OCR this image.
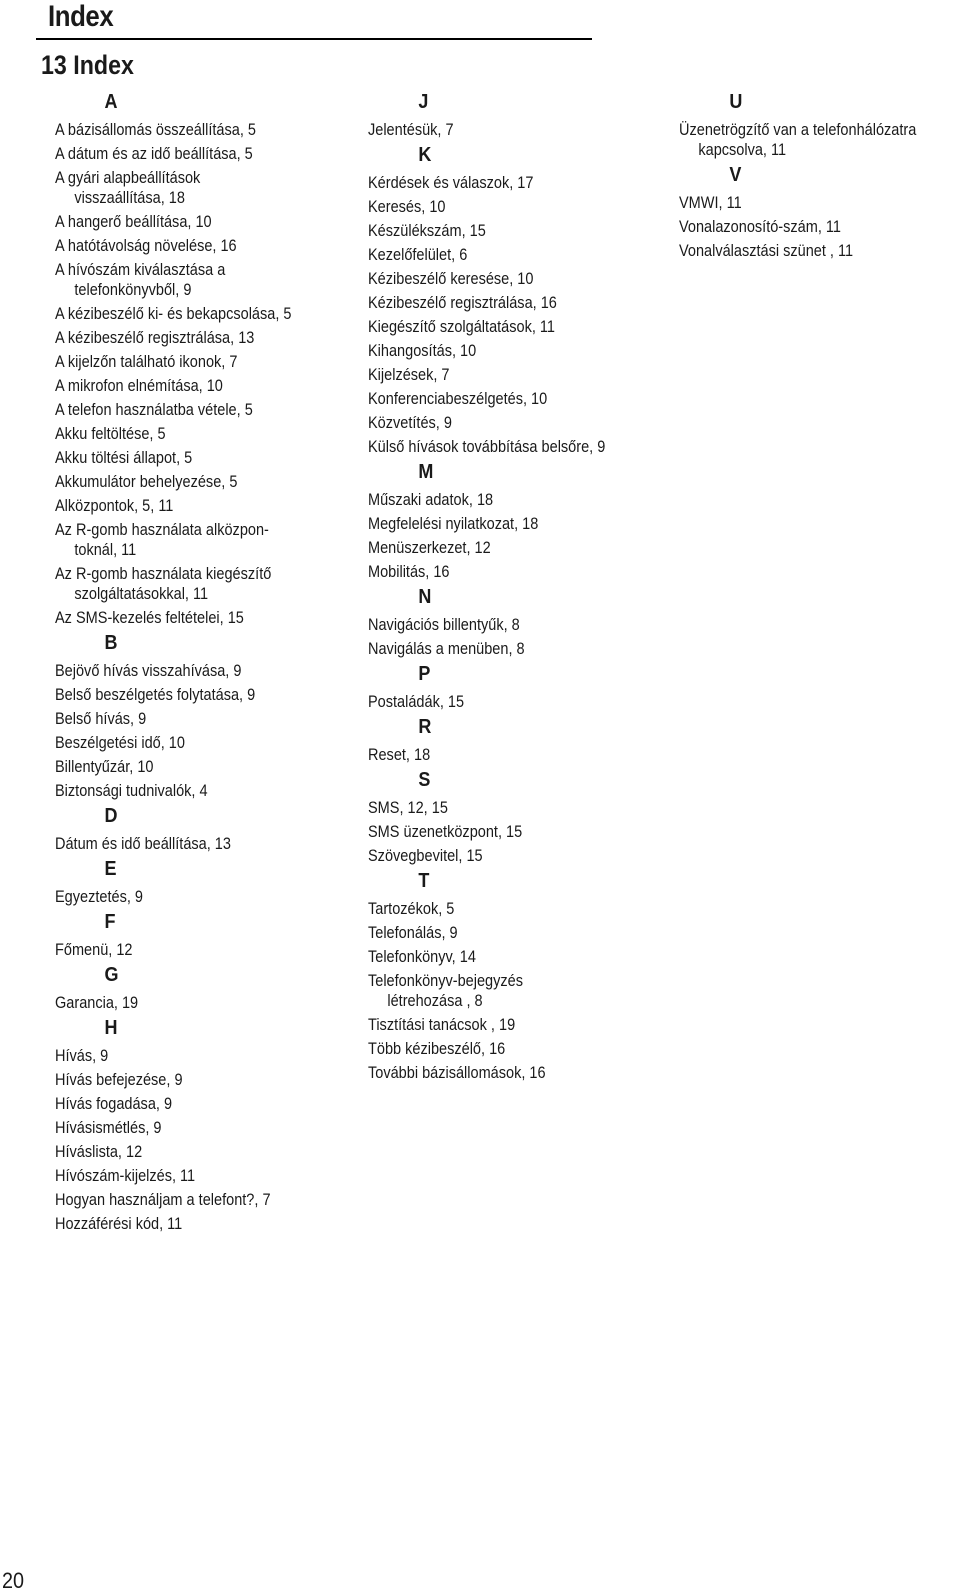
Index
13 Index
A
A bázisállomás összeállítása, 5
A dátum és az idő beállítása, 5
A gyári alapbeállítások
visszaállítása, 18
A hangerő beállítása, 10
A hatótávolság növelése, 16
A hívószám kiválasztása a
telefonkönyvből, 9
A kézibeszélő ki- és bekapcsolása, 5
A kézibeszélő regisztrálása, 13
A kijelzőn található ikonok, 7
A mikrofon elnémítása, 10
A telefon használatba vétele, 5
Akku feltöltése, 5
Akku töltési állapot, 5
Akkumulátor behelyezése, 5
Alközpontok, 5, 11
Az R-gomb használata alközpon-
toknál, 11
Az R-gomb használata kiegészítő
szolgáltatásokkal, 11
Az SMS-kezelés feltételei, 15
B
Bejövő hívás visszahívása, 9
Belső beszélgetés folytatása, 9
Belső hívás, 9
Beszélgetési idő, 10
Billentyűzár, 10
Biztonsági tudnivalók, 4
D
Dátum és idő beállítása, 13
E
Egyeztetés, 9
F
Főmenü, 12
G
Garancia, 19
H
Hívás, 9
Hívás befejezése, 9
Hívás fogadása, 9
Hívásismétlés, 9
Híváslista, 12
Hívószám-kijelzés, 11
Hogyan használjam a telefont?, 7
Hozzáférési kód, 11
J
Jelentésük, 7
K
Kérdések és válaszok, 17
Keresés, 10
Készülékszám, 15
Kezelőfelület, 6
Kézibeszélő keresése, 10
Kézibeszélő regisztrálása, 16
Kiegészítő szolgáltatások, 11
Kihangosítás, 10
Kijelzések, 7
Konferenciabeszélgetés, 10
Közvetítés, 9
Külső hívások továbbítása belsőre, 9
M
Műszaki adatok, 18
Megfelelési nyilatkozat, 18
Menüszerkezet, 12
Mobilitás, 16
N
Navigációs billentyűk, 8
Navigálás a menüben, 8
P
Postaládák, 15
R
Reset, 18
S
SMS, 12, 15
SMS üzenetközpont, 15
Szövegbevitel, 15
T
Tartozékok, 5
Telefonálás, 9
Telefonkönyv, 14
Telefonkönyv-bejegyzés
létrehozása , 8
Tisztítási tanácsok , 19
Több kézibeszélő, 16
További bázisállomások, 16
U
Üzenetrögzítő van a telefonhálózatra
kapcsolva, 11
V
VMWI, 11
Vonalazonosító-szám, 11
Vonalválasztási szünet , 11
20
